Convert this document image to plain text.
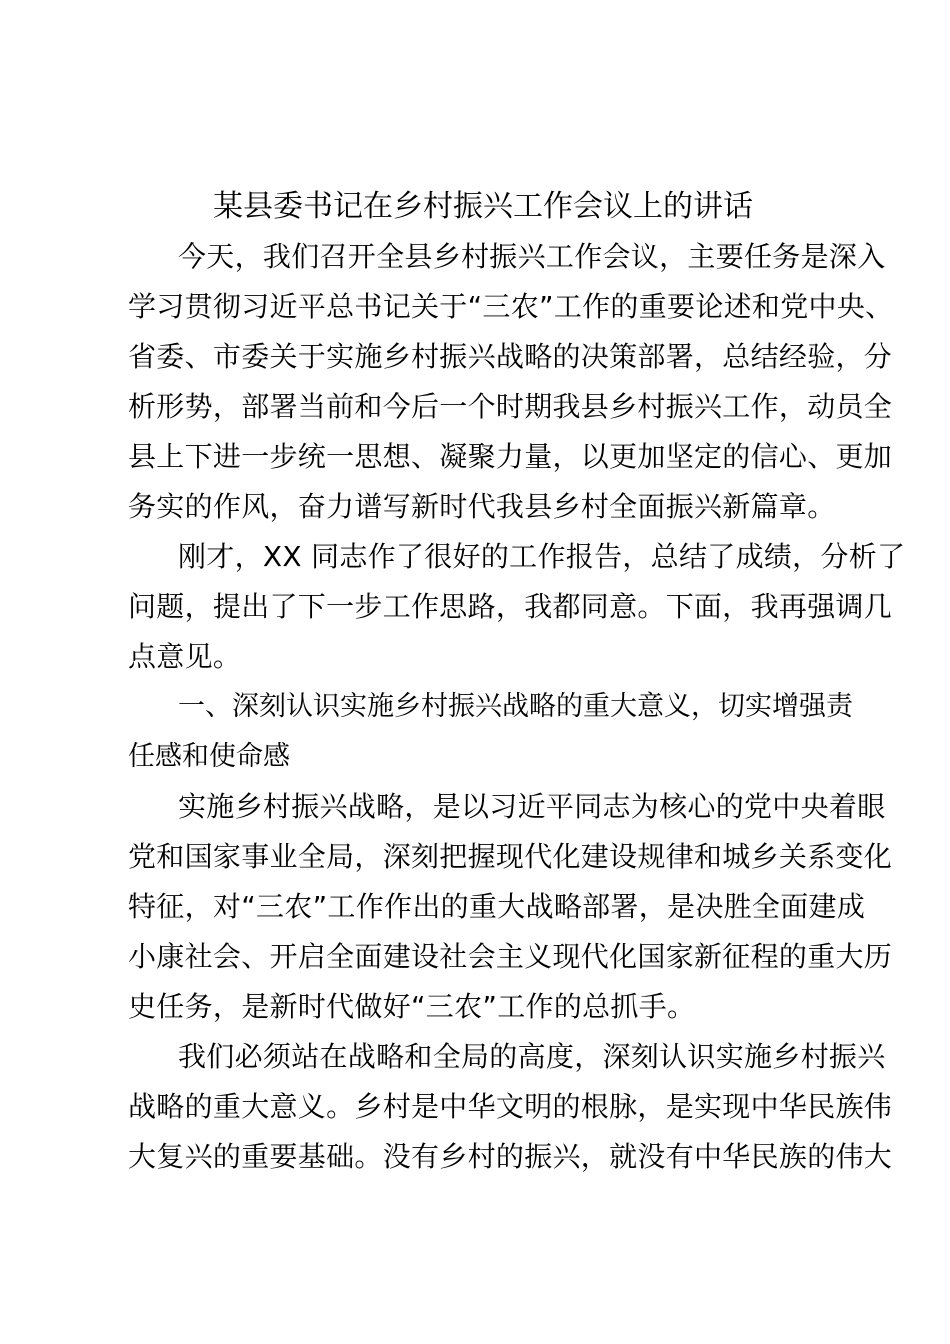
某县委书记在乡村振兴工作会议上的讲话

今天，我们召开全县乡村振兴工作会议，主要任务是深入
学习贯彻习近平总书记关于“三农”工作的重要论述和党中央、
省委、市委关于实施乡村振兴战略的决策部署，总结经验，分
析形势，部署当前和今后一个时期我县乡村振兴工作，动员全
县上下进一步统一思想、凝聚力量，以更加坚定的信心、更加
务实的作风，奋力谱写新时代我县乡村全面振兴新篇章。

刚才，XX 同志作了很好的工作报告，总结了成绩，分析了
问题，提出了下一步工作思路，我都同意。下面，我再强调几
点意见。

一、深刻认识实施乡村振兴战略的重大意义，切实增强责
任感和使命感

实施乡村振兴战略，是以习近平同志为核心的党中央着眼
党和国家事业全局，深刻把握现代化建设规律和城乡关系变化
特征，对“三农”工作作出的重大战略部署，是决胜全面建成
小康社会、开启全面建设社会主义现代化国家新征程的重大历
史任务，是新时代做好“三农”工作的总抓手。

我们必须站在战略和全局的高度，深刻认识实施乡村振兴
战略的重大意义。乡村是中华文明的根脉，是实现中华民族伟
大复兴的重要基础。没有乡村的振兴，就没有中华民族的伟大
